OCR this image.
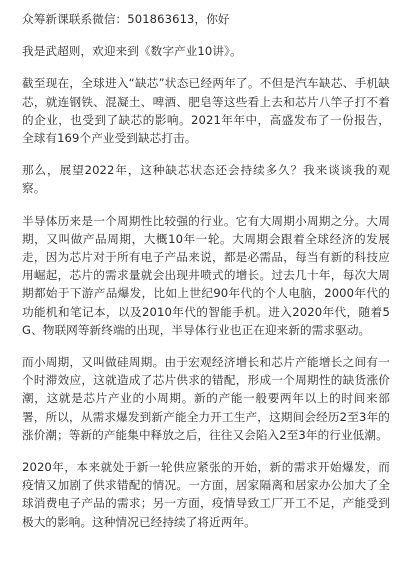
众筹新课联系微信：501863613，你好

我是武超则，欢迎来到《数字产业10讲》。

截至现在，全球进入“缺芯”状态已经两年了。不但是汽车缺芯、手机缺芯，就连钢铁、混凝土、啤酒、肥皂等这些看上去和芯片八竿子打不着的企业，也受到了缺芯的影响。2021年年中，高盛发布了一份报告，全球有169个产业受到缺芯打击。

那么，展望2022年，这种缺芯状态还会持续多久？我来谈谈我的观察。

半导体历来是一个周期性比较强的行业。它有大周期小周期之分。大周期，又叫做产品周期，大概10年一轮。大周期会跟着全球经济的发展走，因为芯片对于所有电子产品来说，都是必需品，每当有新的科技应用崛起，芯片的需求量就会出现井喷式的增长。过去几十年，每次大周期都始于下游产品爆发，比如上世纪90年代的个人电脑，2000年代的功能机和笔记本，以及2010年代的智能手机。进入2020年代，随着5G、物联网等新终端的出现，半导体行业也正在迎来新的需求驱动。

而小周期，又叫做硅周期。由于宏观经济增长和芯片产能增长之间有一个时滞效应，这就造成了芯片供求的错配，形成一个周期性的缺货涨价潮，这就是芯片产业的小周期。新的产能一般要两年以上的时间来部署，所以，从需求爆发到新产能全力开工生产，这期间会经历2至3年的涨价潮；等新的产能集中释放之后，往往又会陷入2至3年的行业低潮。

2020年，本来就处于新一轮供应紧张的开始，新的需求开始爆发，而疫情又加剧了供求错配的情况。一方面，居家隔离和居家办公加大了全球消费电子产品的需求；另一方面，疫情导致工厂开工不足，产能受到极大的影响。这种情况已经持续了将近两年。
